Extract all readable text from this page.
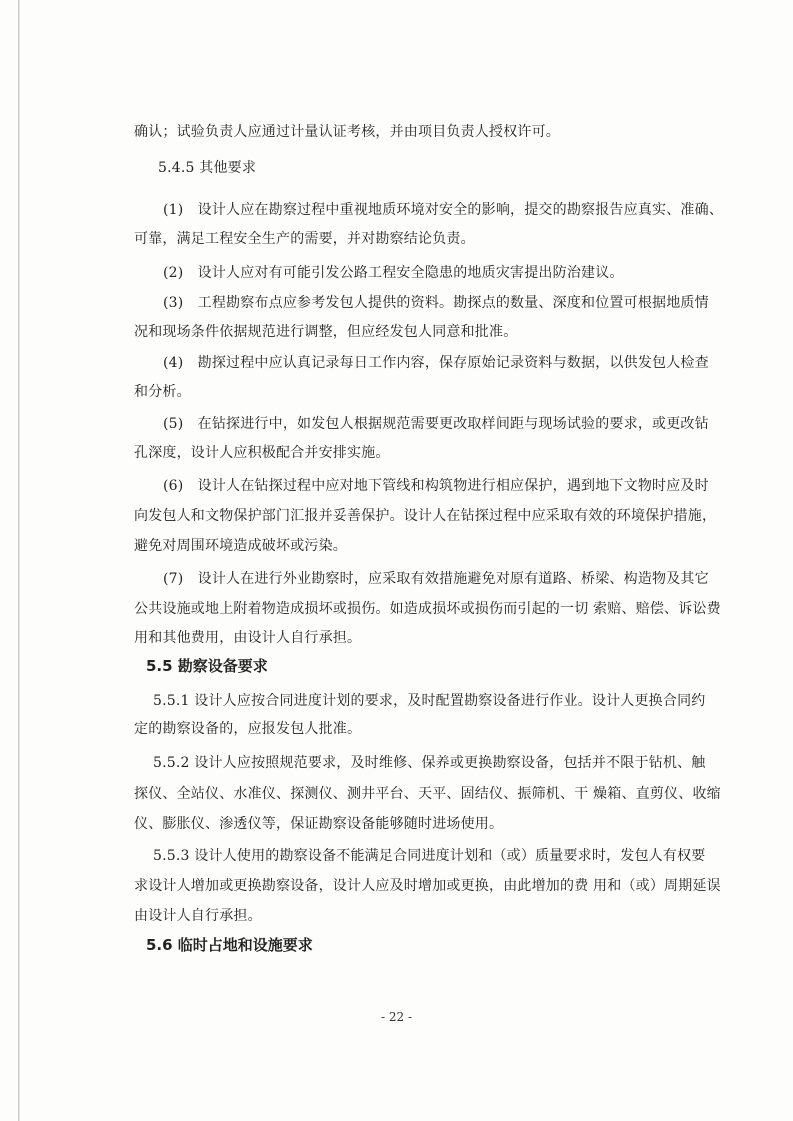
确认；试验负责人应通过计量认证考核，并由项目负责人授权许可。
5.4.5 其他要求
(1)　设计人应在勘察过程中重视地质环境对安全的影响，提交的勘察报告应真实、准确、
可靠，满足工程安全生产的需要，并对勘察结论负责。
(2)　设计人应对有可能引发公路工程安全隐患的地质灾害提出防治建议。
(3)　工程勘察布点应参考发包人提供的资料。勘探点的数量、深度和位置可根据地质情
况和现场条件依据规范进行调整，但应经发包人同意和批准。
(4)　勘探过程中应认真记录每日工作内容，保存原始记录资料与数据，以供发包人检查
和分析。
(5)　在钻探进行中，如发包人根据规范需要更改取样间距与现场试验的要求，或更改钻
孔深度，设计人应积极配合并安排实施。
(6)　设计人在钻探过程中应对地下管线和构筑物进行相应保护，遇到地下文物时应及时
向发包人和文物保护部门汇报并妥善保护。设计人在钻探过程中应采取有效的环境保护措施，
避免对周围环境造成破坏或污染。
(7)　设计人在进行外业勘察时，应采取有效措施避免对原有道路、桥梁、构造物及其它
公共设施或地上附着物造成损坏或损伤。如造成损坏或损伤而引起的一切 索赔、赔偿、诉讼费
用和其他费用，由设计人自行承担。
5.5 勘察设备要求
5.5.1 设计人应按合同进度计划的要求，及时配置勘察设备进行作业。设计人更换合同约
定的勘察设备的，应报发包人批准。
5.5.2 设计人应按照规范要求，及时维修、保养或更换勘察设备，包括并不限于钻机、触
探仪、全站仪、水准仪、探测仪、测井平台、天平、固结仪、振筛机、干 燥箱、直剪仪、收缩
仪、膨胀仪、渗透仪等，保证勘察设备能够随时进场使用。
5.5.3 设计人使用的勘察设备不能满足合同进度计划和（或）质量要求时，发包人有权要
求设计人增加或更换勘察设备，设计人应及时增加或更换，由此增加的费 用和（或）周期延误
由设计人自行承担。
5.6 临时占地和设施要求
- 22 -
